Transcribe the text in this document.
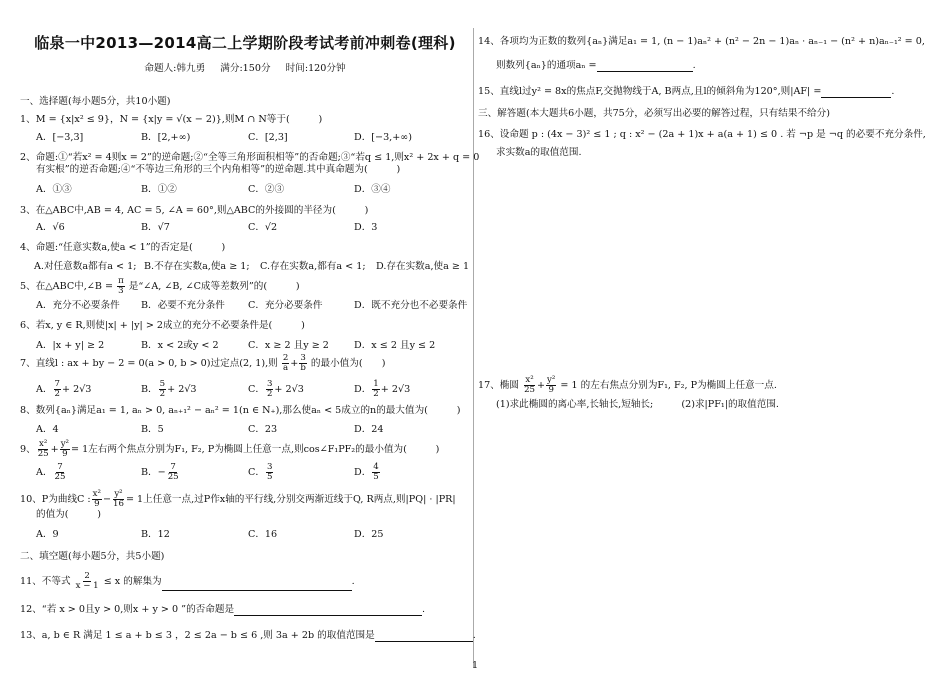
临泉一中2013—2014高二上学期阶段考试考前冲刺卷(理科)
命题人:韩九勇 满分:150分 时间:120分钟
一、选择题(每小题5分，共10小题)
1、M = {x|x² ≤ 9}，N = {x|y = √(x − 2)},则M ∩ N等于(　　　)
A．[−3,3]	B．[2,+∞)	C．[2,3]	D．[−3,+∞)
2、命题:①“若x² = 4则x = 2”的逆命题;②“全等三角形面积相等”的否命题;③“若q ≤ 1,则x² + 2x + q = 0
有实根”的逆否命题;④“不等边三角形的三个内角相等”的逆命题.其中真命题为(　　　)
A．①③	B．①②	C．②③	D．③④
3、在△ABC中,AB = 4, AC = 5, ∠A = 60°,则△ABC的外接圆的半径为(　　　)
A．√6	B．√7	C．√2	D．3
4、命题:“任意实数a,使a < 1”的否定是(　　　)
A.对任意数a都有a < 1; B.不存在实数a,使a ≥ 1; C.存在实数a,都有a < 1; D.存在实数a,使a ≥ 1
5、在△ABC中,∠B = $\frac{\pi}{3}$ 是“∠A, ∠B, ∠C成等差数列”的(　　　)
A．充分不必要条件 B．必要不充分条件 C．充分必要条件	D．既不充分也不必要条件
6、若x, y ∈ R,则使|x| + |y| > 2成立的充分不必要条件是(　　　)
A．|x + y| ≥ 2	B．x < 2或y < 2	C．x ≥ 2 且y ≥ 2	D．x ≤ 2 且y ≤ 2
7、直线l : ax + by − 2 = 0(a > 0, b > 0)过定点(2, 1),则 $\frac{2}{a} + \frac{3}{b}$ 的最小值为(　　)
A． $\frac{7}{2} + 2√3$	B． $\frac{5}{2} + 2√3$	C． $\frac{3}{2} + 2√3$	D． $\frac{1}{2} + 2√3$
8、数列{aₙ}满足a₁ = 1, aₙ > 0, aₙ₊₁² − aₙ² = 1(n ∈ N₊),那么使aₙ < 5成立的n的最大值为(　　　)
A．4	B．5	C．23	D．24
9、 $\frac{\text{x²}}{25} + \frac{\text{y²}}{9} = 1$左右两个焦点分别为F₁, F₂, P为椭圆上任意一点,则cos∠F₁PF₂的最小值为(　　　)
A． $\frac{7}{25}$	B．− $\frac{7}{25}$	C． $\frac{3}{5}$	D． $\frac{4}{5}$
10、P为曲线C : $\frac{\text{x²}}{9} - \frac{\text{y²}}{16} = 1$上任意一点,过P作x轴的平行线,分别交两渐近线于Q, R两点,则|PQ| · |PR|
的值为(　　　)
A．9	B．12	C．16	D．25
二、填空题(每小题5分，共5小题)
11、不等式 $\frac{2}{x - 1} \le x$ 的解集为	.
12、“若 x > 0且y > 0,则x + y > 0 ”的否命题是	.
13、a, b ∈ R 满足 1 ≤ a + b ≤ 3 ，2 ≤ 2a − b ≤ 6 ,则 3a + 2b 的取值范围是	.
14、各项均为正数的数列{aₙ}满足a₁ = 1, (n − 1)aₙ² + (n² − 2n − 1)aₙ · aₙ₋₁ − (n² + n)aₙ₋₁² = 0,
则数列{aₙ}的通项aₙ =	.
15、直线l过y² = 8x的焦点F,交抛物线于A, B两点,且l的倾斜角为120°,则|AF| =	.
三、解答题(本大题共6小题，共75分，必须写出必要的解答过程，只有结果不给分)
16、设命题 p : (4x − 3)² ≤ 1 ; q : x² − (2a + 1)x + a(a + 1) ≤ 0 . 若 ¬p 是 ¬q 的必要不充分条件,
求实数a的取值范围.
17、椭圆 $\frac{\text{x²}}{25} + \frac{\text{y²}}{9} = 1$ 的左右焦点分别为F₁, F₂, P为椭圆上任意一点.
(1)求此椭圆的离心率,长轴长,短轴长;	(2)求|PF₁|的取值范围.
1
